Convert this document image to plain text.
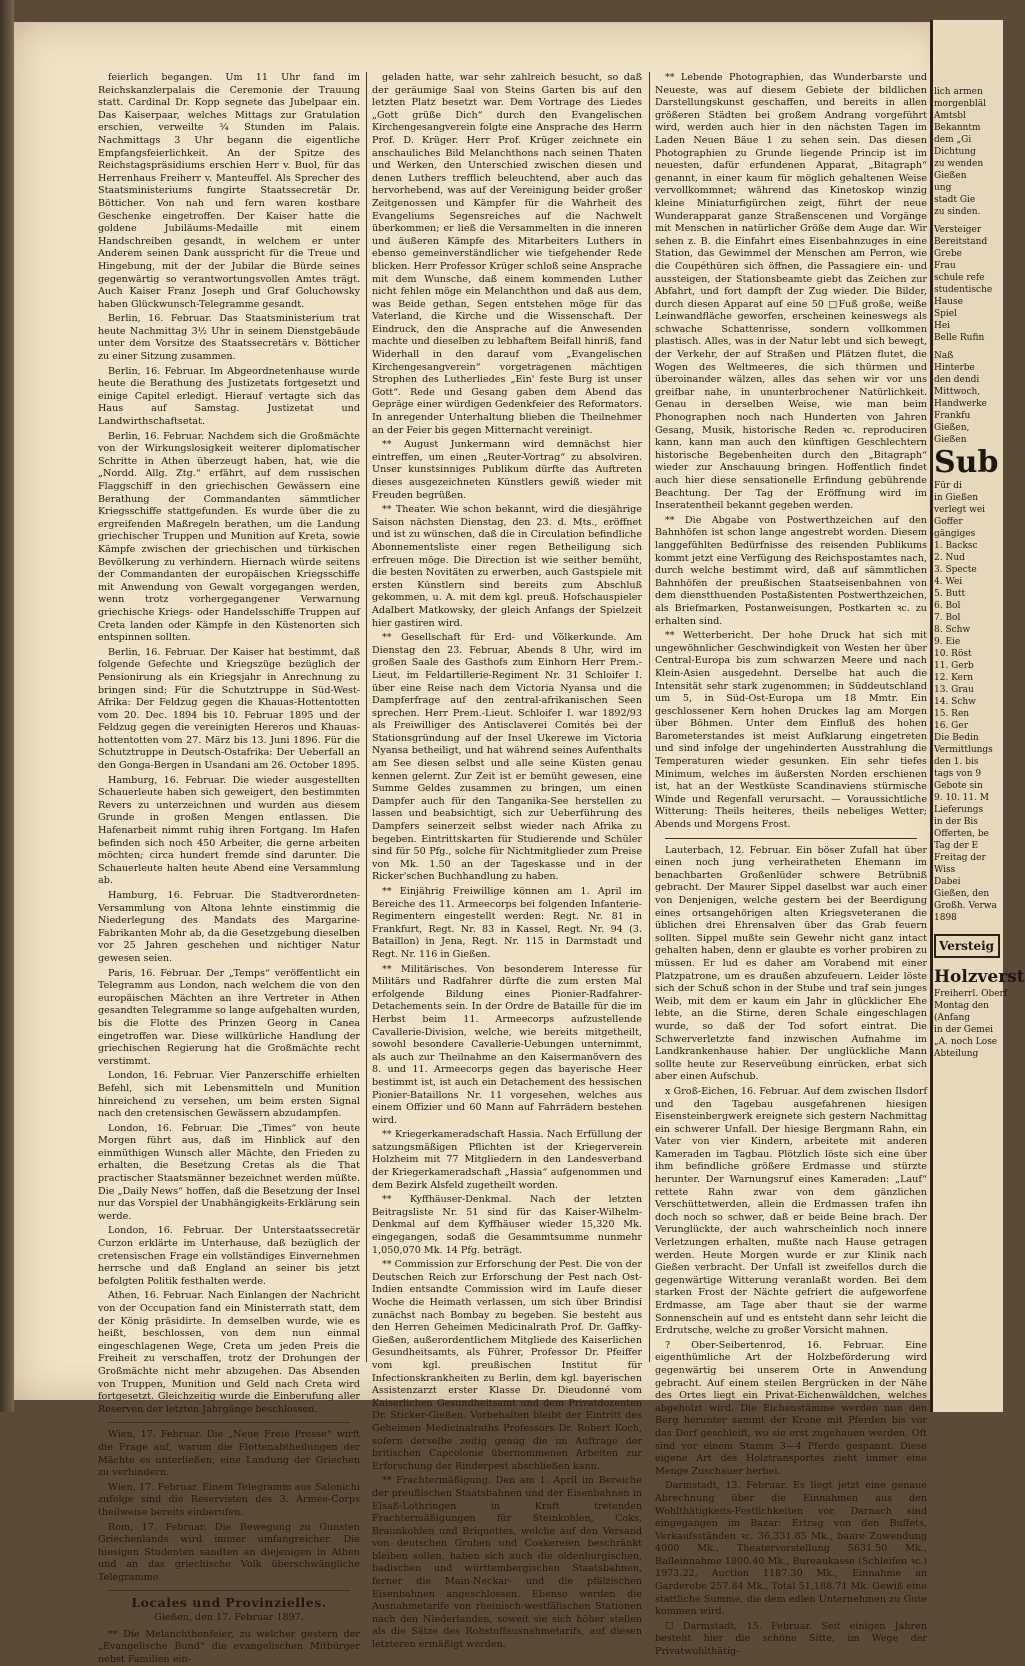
feierlich begangen. Um 11 Uhr fand im Reichskanzlerpalais die Ceremonie der Trauung statt. Cardinal Dr. Kopp segnete das Jubelpaar ein. Das Kaiserpaar, welches Mittags zur Gratulation erschien, verweilte ¾ Stunden im Palais. Nachmittags 3 Uhr begann die eigentliche Empfangsfeierlichkeit. An der Spitze des Reichstagspräsidiums erschien Herr v. Buol, für das Herrenhaus Freiherr v. Manteuffel. Als Sprecher des Staatsministeriums fungirte Staatssecretär Dr. Bötticher. Von nah und fern waren kostbare Geschenke eingetroffen. Der Kaiser hatte die goldene Jubiläums-Medaille mit einem Handschreiben gesandt, in welchem er unter Anderem seinen Dank ausspricht für die Treue und Hingebung, mit der der Jubilar die Bürde seines gegenwärtig so verantwortungsvollen Amtes trägt. Auch Kaiser Franz Joseph und Graf Goluchowsky haben Glückwunsch-Telegramme gesandt.

Berlin, 16. Februar. Das Staatsministerium trat heute Nachmittag 3½ Uhr in seinem Dienstgebäude unter dem Vorsitze des Staatssecretärs v. Bötticher zu einer Sitzung zusammen.

Berlin, 16. Februar. Im Abgeordnetenhause wurde heute die Berathung des Justizetats fortgesetzt und einige Capitel erledigt. Hierauf vertagte sich das Haus auf Samstag. Justizetat und Landwirthschaftsetat.

Berlin, 16. Februar. Nachdem sich die Großmächte von der Wirkungslosigkeit weiterer diplomatischer Schritte in Athen überzeugt haben, hat, wie die „Nordd. Allg. Ztg.“ erfährt, auf dem russischen Flaggschiff in den griechischen Gewässern eine Berathung der Commandanten sämmtlicher Kriegsschiffe stattgefunden. Es wurde über die zu ergreifenden Maßregeln berathen, um die Landung griechischer Truppen und Munition auf Kreta, sowie Kämpfe zwischen der griechischen und türkischen Bevölkerung zu verhindern. Hiernach würde seitens der Commandanten der europäischen Kriegsschiffe mit Anwendung von Gewalt vorgegangen werden, wenn trotz vorhergegangener Verwarnung griechische Kriegs- oder Handelsschiffe Truppen auf Creta landen oder Kämpfe in den Küstenorten sich entspinnen sollten.

Berlin, 16. Februar. Der Kaiser hat bestimmt, daß folgende Gefechte und Kriegszüge bezüglich der Pensionirung als ein Kriegsjahr in Anrechnung zu bringen sind: Für die Schutztruppe in Süd-West-Afrika: Der Feldzug gegen die Khauas-Hottentotten vom 20. Dec. 1894 bis 10. Februar 1895 und der Feldzug gegen die vereinigten Hereros und Khauas-hottentotten vom 27. März bis 13. Juni 1896. Für die Schutztruppe in Deutsch-Ostafrika: Der Ueberfall an den Gonga-Bergen in Usandani am 26. October 1895.

Hamburg, 16. Februar. Die wieder ausgestellten Schauerleute haben sich geweigert, den bestimmten Revers zu unterzeichnen und wurden aus diesem Grunde in großen Mengen entlassen. Die Hafenarbeit nimmt ruhig ihren Fortgang. Im Hafen befinden sich noch 450 Arbeiter, die gerne arbeiten möchten; circa hundert fremde sind darunter. Die Schauerleute halten heute Abend eine Versammlung ab.

Hamburg, 16. Februar. Die Stadtverordneten-Versammlung von Altona lehnte einstimmig die Niederlegung des Mandats des Margarine-Fabrikanten Mohr ab, da die Gesetzgebung dieselben vor 25 Jahren geschehen und nichtiger Natur gewesen seien.

Paris, 16. Februar. Der „Temps“ veröffentlicht ein Telegramm aus London, nach welchem die von den europäischen Mächten an ihre Vertreter in Athen gesandten Telegramme so lange aufgehalten wurden, bis die Flotte des Prinzen Georg in Canea eingetroffen war. Diese willkürliche Handlung der griechischen Regierung hat die Großmächte recht verstimmt.

London, 16. Februar. Vier Panzerschiffe erhielten Befehl, sich mit Lebensmitteln und Munition hinreichend zu versehen, um beim ersten Signal nach den cretensischen Gewässern abzudampfen.

London, 16. Februar. Die „Times“ von heute Morgen führt aus, daß im Hinblick auf den einmüthigen Wunsch aller Mächte, den Frieden zu erhalten, die Besetzung Cretas als die That practischer Staatsmänner bezeichnet werden müßte. Die „Daily News“ hoffen, daß die Besetzung der Insel nur das Vorspiel der Unabhängigkeits-Erklärung sein werde.

London, 16. Februar. Der Unterstaatssecretär Curzon erklärte im Unterhause, daß bezüglich der cretensischen Frage ein vollständiges Einvernehmen herrsche und daß England an seiner bis jetzt befolgten Politik festhalten werde.

Athen, 16. Februar. Nach Einlangen der Nachricht von der Occupation fand ein Ministerrath statt, dem der König präsidirte. In demselben wurde, wie es heißt, beschlossen, von dem nun einmal eingeschlagenen Wege, Creta um jeden Preis die Freiheit zu verschaffen, trotz der Drohungen der Großmächte nicht mehr abzugehen. Das Absenden von Truppen, Munition und Geld nach Creta wird fortgesetzt. Gleichzeitig wurde die Einberufung aller Reserven der letzten Jahrgänge beschlossen.

Wien, 17. Februar. Die „Neue Freie Presse“ wirft die Frage auf, warum die Flottenabtheilungen der Mächte es unterließen, eine Landung der Griechen zu verhindern.

Wien, 17. Februar. Einem Telegramm aus Salonichi zufolge sind die Reservisten des 3. Armee-Corps theilweise bereits einberufen.

Rom, 17. Februar. Die Bewegung zu Gunsten Griechenlands wird immer umfangreicher. Die hiesigen Studenten sandten an diejenigen in Athen und an das griechische Volk überschwängliche Telegramme.

Locales und Provinzielles.
Gießen, den 17. Februar 1897.

** Die Melanchthonfeier, zu welcher gestern der „Evangelische Bund“ die evangelischen Mitbürger nebst Familien ein-

geladen hatte, war sehr zahlreich besucht, so daß der geräumige Saal von Steins Garten bis auf den letzten Platz besetzt war. Dem Vortrage des Liedes „Gott grüße Dich“ durch den Evangelischen Kirchengesangverein folgte eine Ansprache des Herrn Prof. D. Krüger. Herr Prof. Krüger zeichnete ein anschauliches Bild Melanchthons nach seinen Thaten und Werken, den Unterschied zwischen diesen und denen Luthers trefflich beleuchtend, aber auch das hervorhebend, was auf der Vereinigung beider großer Zeitgenossen und Kämpfer für die Wahrheit des Evangeliums Segensreiches auf die Nachwelt überkommen; er ließ die Versammelten in die inneren und äußeren Kämpfe des Mitarbeiters Luthers in ebenso gemeinverständlicher wie tiefgehender Rede blicken. Herr Professor Krüger schloß seine Ansprache mit dem Wunsche, daß einem kommenden Luther nicht fehlen möge ein Melanchthon und daß aus dem, was Beide gethan, Segen entstehen möge für das Vaterland, die Kirche und die Wissenschaft. Der Eindruck, den die Ansprache auf die Anwesenden machte und dieselben zu lebhaftem Beifall hinriß, fand Widerhall in den darauf vom „Evangelischen Kirchengesangverein“ vorgetragenen mächtigen Strophen des Lutherliedes „Ein' feste Burg ist unser Gott“. Rede und Gesang gaben dem Abend das Gepräge einer würdigen Gedenkfeier des Reformators. In anregender Unterhaltung blieben die Theilnehmer an der Feier bis gegen Mitternacht vereinigt.

** August Junkermann wird demnächst hier eintreffen, um einen „Reuter-Vortrag“ zu absolviren. Unser kunstsinniges Publikum dürfte das Auftreten dieses ausgezeichneten Künstlers gewiß wieder mit Freuden begrüßen.

** Theater. Wie schon bekannt, wird die diesjährige Saison nächsten Dienstag, den 23. d. Mts., eröffnet und ist zu wünschen, daß die in Circulation befindliche Abonnementsliste einer regen Betheiligung sich erfreuen möge. Die Direction ist wie seither bemüht, die besten Novitäten zu erwerben, auch Gastspiele mit ersten Künstlern sind bereits zum Abschluß gekommen, u. A. mit dem kgl. preuß. Hofschauspieler Adalbert Matkowsky, der gleich Anfangs der Spielzeit hier gastiren wird.

** Gesellschaft für Erd- und Völkerkunde. Am Dienstag den 23. Februar, Abends 8 Uhr, wird im großen Saale des Gasthofs zum Einhorn Herr Prem.-Lieut. im Feldartillerie-Regiment Nr. 31 Schloifer I. über eine Reise nach dem Victoria Nyansa und die Dampferfrage auf den zentral-afrikanischen Seen sprechen. Herr Prem.-Lieut. Schloifer I. war 1892/93 als Freiwilliger des Antisclaverei Comités bei der Stationsgründung auf der Insel Ukerewe im Victoria Nyansa betheiligt, und hat während seines Aufenthalts am See diesen selbst und alle seine Küsten genau kennen gelernt. Zur Zeit ist er bemüht gewesen, eine Summe Geldes zusammen zu bringen, um einen Dampfer auch für den Tanganika-See herstellen zu lassen und beabsichtigt, sich zur Ueberführung des Dampfers seinerzeit selbst wieder nach Afrika zu begeben. Eintrittskarten für Studierende und Schüler sind für 50 Pfg., solche für Nichtmitglieder zum Preise von Mk. 1.50 an der Tageskasse und in der Ricker'schen Buchhandlung zu haben.

** Einjährig Freiwillige können am 1. April im Bereiche des 11. Armeecorps bei folgenden Infanterie-Regimentern eingestellt werden: Regt. Nr. 81 in Frankfurt, Regt. Nr. 83 in Kassel, Regt. Nr. 94 (3. Bataillon) in Jena, Regt. Nr. 115 in Darmstadt und Regt. Nr. 116 in Gießen.

** Militärisches. Von besonderem Interesse für Militärs und Radfahrer dürfte die zum ersten Mal erfolgende Bildung eines Pionier-Radfahrer-Detachements sein. In der Ordre de Bataille für die im Herbst beim 11. Armeecorps aufzustellende Cavallerie-Division, welche, wie bereits mitgetheilt, sowohl besondere Cavallerie-Uebungen unternimmt, als auch zur Theilnahme an den Kaisermanövern des 8. und 11. Armeecorps gegen das bayerische Heer bestimmt ist, ist auch ein Detachement des hessischen Pionier-Bataillons Nr. 11 vorgesehen, welches aus einem Offizier und 60 Mann auf Fahrrädern bestehen wird.

** Kriegerkameradschaft Hassia. Nach Erfüllung der satzungsmäßigen Pflichten ist der Kriegerverein Holzheim mit 77 Mitgliedern in den Landesverband der Kriegerkameradschaft „Hassia“ aufgenommen und dem Bezirk Alsfeld zugetheilt worden.

** Kyffhäuser-Denkmal. Nach der letzten Beitragsliste Nr. 51 sind für das Kaiser-Wilhelm-Denkmal auf dem Kyffhäuser wieder 15,320 Mk. eingegangen, sodaß die Gesammtsumme nunmehr 1,050,070 Mk. 14 Pfg. beträgt.

** Commission zur Erforschung der Pest. Die von der Deutschen Reich zur Erforschung der Pest nach Ost-Indien entsandte Commission wird im Laufe dieser Woche die Heimath verlassen, um sich über Brindisi zunächst nach Bombay zu begeben. Sie besteht aus den Herren Geheimen Medicinalrath Prof. Dr. Gaffky-Gießen, außerordentlichem Mitgliede des Kaiserlichen Gesundheitsamts, als Führer, Professor Dr. Pfeiffer vom kgl. preußischen Institut für Infectionskrankheiten zu Berlin, dem kgl. bayerischen Assistenzarzt erster Klasse Dr. Dieudonné vom Kaiserlichen Gesundheitsamt und dem Privatdozenten Dr. Sticker-Gießen. Vorbehalten bleibt der Eintritt des Geheimen Medicinalraths Professors Dr. Robert Koch, sofern derselbe zeitig genug die im Auftrage der britischen Capcolonie übernommenen Arbeiten zur Erforschung der Rinderpest abschließen kann.

** Frachtermäßigung. Den am 1. April im Bereiche der preußischen Staatsbahnen und der Eisenbahnen in Elsaß-Lothringen in Kraft tretenden Frachtermäßigungen für Steinkohlen, Coks, Braunkohlen und Briquettes, welche auf den Versand von deutschen Gruben und Coakereien beschränkt bleiben sollen, haben sich auch die oldenburgischen, badischen und württembergischen Staatsbahnen, ferner die Main-Neckar- und die pfälzischen Eisenbahnen angeschlossen. Ebenso werden die Ausnahmetarife von rheinisch-westfälischen Stationen nach den Niederlanden, soweit sie sich höher stellen als die Sätze des Rohstoffausnahmetarifs, auf diesen letzteren ermäßigt werden.

** Lebende Photographien, das Wunderbarste und Neueste, was auf diesem Gebiete der bildlichen Darstellungskunst geschaffen, und bereits in allen größeren Städten bei großem Andrang vorgeführt wird, werden auch hier in den nächsten Tagen im Laden Neuen Bäue 1 zu sehen sein. Das diesen Photographien zu Grunde liegende Princip ist im neuesten, dafür erfundenen Apparat, „Bitagraph“ genannt, in einer kaum für möglich gehaltenen Weise vervollkommnet; während das Kinetoskop winzig kleine Miniaturfigürchen zeigt, führt der neue Wunderapparat ganze Straßenscenen und Vorgänge mit Menschen in natürlicher Größe dem Auge dar. Wir sehen z. B. die Einfahrt eines Eisenbahnzuges in eine Station, das Gewimmel der Menschen am Perron, wie die Coupéthüren sich öffnen, die Passagiere ein- und aussteigen, der Stationsbeamte giebt das Zeichen zur Abfahrt, und fort dampft der Zug wieder. Die Bilder, durch diesen Apparat auf eine 50 □Fuß große, weiße Leinwandfläche geworfen, erscheinen keineswegs als schwache Schattenrisse, sondern vollkommen plastisch. Alles, was in der Natur lebt und sich bewegt, der Verkehr, der auf Straßen und Plätzen flutet, die Wogen des Weltmeeres, die sich thürmen und überoinander wälzen, alles das sehen wir vor uns greifbar nahe, in ununterbrochener Natürlichkeit. Genau in derselben Weise, wie man beim Phonographen noch nach Hunderten von Jahren Gesang, Musik, historische Reden ꝛc. reproduciren kann, kann man auch den künftigen Geschlechtern historische Begebenheiten durch den „Bitagraph“ wieder zur Anschauung bringen. Hoffentlich findet auch hier diese sensationelle Erfindung gebührende Beachtung. Der Tag der Eröffnung wird im Inseratentheil bekannt gegeben werden.

** Die Abgabe von Postwerthzeichen auf den Bahnhöfen ist schon lange angestrebt worden. Diesem langgefühlten Bedürfnisse des reisenden Publikums kommt jetzt eine Verfügung des Reichspostamtes nach, durch welche bestimmt wird, daß auf sämmtlichen Bahnhöfen der preußischen Staatseisenbahnen von dem dienstthuenden Postaßistenten Postwerthzeichen, als Briefmarken, Postanweisungen, Postkarten ꝛc. zu erhalten sind.

** Wetterbericht. Der hohe Druck hat sich mit ungewöhnlicher Geschwindigkeit von Westen her über Central-Europa bis zum schwarzen Meere und nach Klein-Asien ausgedehnt. Derselbe hat auch die Intensität sehr stark zugenommen; in Süddeutschland um 5, in Süd-Ost-Europa um 18 Mmtr. Ein geschlossener Kern hohen Druckes lag am Morgen über Böhmen. Unter dem Einfluß des hohen Barometerstandes ist meist Aufklarung eingetreten und sind infolge der ungehinderten Ausstrahlung die Temperaturen wieder gesunken. Ein sehr tiefes Minimum, welches im äußersten Norden erschienen ist, hat an der Westküste Scandinaviens stürmische Winde und Regenfall verursacht. — Voraussichtliche Witterung: Theils heiteres, theils nebeliges Wetter; Abends und Morgens Frost.

Lauterbach, 12. Februar. Ein böser Zufall hat über einen noch jung verheiratheten Ehemann im benachbarten Großenlüder schwere Betrübniß gebracht. Der Maurer Sippel daselbst war auch einer von Denjenigen, welche gestern bei der Beerdigung eines ortsangehörigen alten Kriegsveteranen die üblichen drei Ehrensalven über das Grab feuern sollten. Sippel mußte sein Gewehr nicht ganz intact gehalten haben, denn er glaubte es vorher probiren zu müssen. Er lud es daher am Vorabend mit einer Platzpatrone, um es draußen abzufeuern. Leider löste sich der Schuß schon in der Stube und traf sein junges Weib, mit dem er kaum ein Jahr in glücklicher Ehe lebte, an die Stirne, deren Schale eingeschlagen wurde, so daß der Tod sofort eintrat. Die Schwerverletzte fand inzwischen Aufnahme im Landkrankenhause hahier. Der unglückliche Mann sollte heute zur Reserveübung einrücken, erbat sich aber einen Aufschub.

x Groß-Eichen, 16. Februar. Auf dem zwischen Ilsdorf und den Tagebau ausgefahrenen hiesigen Eisensteinbergwerk ereignete sich gestern Nachmittag ein schwerer Unfall. Der hiesige Bergmann Rahn, ein Vater von vier Kindern, arbeitete mit anderen Kameraden im Tagbau. Plötzlich löste sich eine über ihm befindliche größere Erdmasse und stürzte herunter. Der Warnungsruf eines Kameraden: „Lauf“ rettete Rahn zwar von dem gänzlichen Verschüttetwerden, allein die Erdmassen trafen ihn doch noch so schwer, daß er beide Beine brach. Der Verunglückte, der auch wahrscheinlich noch innere Verletzungen erhalten, mußte nach Hause getragen werden. Heute Morgen wurde er zur Klinik nach Gießen verbracht. Der Unfall ist zweifellos durch die gegenwärtige Witterung veranlaßt worden. Bei dem starken Frost der Nächte gefriert die aufgeworfene Erdmasse, am Tage aber thaut sie der warme Sonnenschein auf und es entsteht dann sehr leicht die Erdrutsche, welche zu großer Vorsicht mahnen.

? Ober-Seibertenrod, 16. Februar. Eine eigenthümliche Art der Holzbeförderung wird gegenwärtig bei unserem Orte in Anwendung gebracht. Auf einem steilen Bergrücken in der Nähe des Ortes liegt ein Privat-Eichenwäldchen, welches abgeholzt wird. Die Eichenstämme werden nun den Berg herunter sammt der Krone mit Pferden bis vor das Dorf geschleift, wo sie erst zugehauen werden. Oft sind vor einem Stamm 3—4 Pferde gespannt. Diese eigene Art des Holztransportes zieht immer eine Menge Zuschauer herbei.

Darmstadt, 13. Februar. Es liegt jetzt eine genaue Abrechnung über die Einnahmen aus den Wohlthätigkeits-Festlichkeiten vor. Darnach sind eingegangen im Bazar: Ertrag von den Buffets, Verkaufsständen ꝛc. 36,331.85 Mk., baare Zuwendung 4000 Mk., Theatervorstellung 5631.50 Mk., Balleinnahme 1800.40 Mk., Bureaukasse (Schleifen ꝛc.) 1973.22, Auction 1187.30 Mk., Einnahme an Garderobe 257.84 Mk., Total 51,188.71 Mk. Gewiß eine stattliche Summe, die dem edlen Unternehmen zu Gute kommen wird.

☐ Darmstadt, 15. Februar. Seit einigen Jahren besteht hier die schöne Sitte, im Wege der Privatwohlthätig-

lich armen
morgenbläl
Amtsbl
Bekanntm
dem „Gi
Dichtung
zu wenden
Gießen
ung
stadt Gie
zu sinden.
Versteiger
Bereitstand
Grebe
Frau
schule refe
studentische
Hause
Spiel
Hei
Belle Rufin
Naß
Hinterbe
den dendi
Mittwoch,
Handwerke
Frankfu
Gießen,
Gießen
Sub
Für di
in Gießen
verlegt wei
Goffer
gängiges
1. Backsc
2. Nud
3. Specte
4. Wei
5. Butt
6. Bol
7. Bol
8. Schw
9. Eie
10. Röst
11. Gerb
12. Kern
13. Grau
14. Schw
15. Ren
16. Ger
Die Bedin
Vermittlungs
den 1. bis
tags von 9
Gebote sin
9. 10. 11. M
Lieferungs
in der Bis
Offerten, be
Tag der E
Freitag der
Wiss
Dabei
Gießen, den
Großh. Verwa
1898
Versteig
Holzverst
Freiherrl. Oberf
Montag den
(Anfang
in der Gemei
„A. noch Lose
Abteilung
